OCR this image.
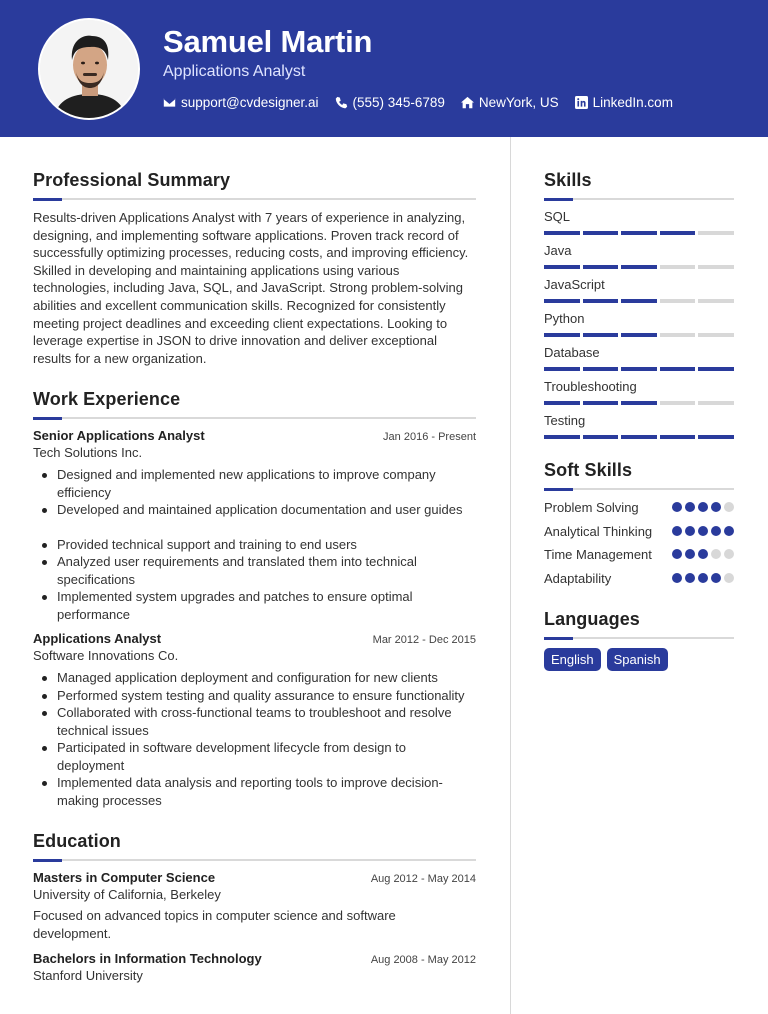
Samuel Martin
Applications Analyst
support@cvdesigner.ai	(555) 345-6789	NewYork, US	LinkedIn.com
Professional Summary
Results-driven Applications Analyst with 7 years of experience in analyzing, designing, and implementing software applications. Proven track record of successfully optimizing processes, reducing costs, and improving efficiency. Skilled in developing and maintaining applications using various technologies, including Java, SQL, and JavaScript. Strong problem-solving abilities and excellent communication skills. Recognized for consistently meeting project deadlines and exceeding client expectations. Looking to leverage expertise in JSON to drive innovation and deliver exceptional results for a new organization.
Work Experience
Senior Applications Analyst	Jan 2016 - Present
Tech Solutions Inc.
Designed and implemented new applications to improve company efficiency
Developed and maintained application documentation and user guides
Provided technical support and training to end users
Analyzed user requirements and translated them into technical specifications
Implemented system upgrades and patches to ensure optimal performance
Applications Analyst	Mar 2012 - Dec 2015
Software Innovations Co.
Managed application deployment and configuration for new clients
Performed system testing and quality assurance to ensure functionality
Collaborated with cross-functional teams to troubleshoot and resolve technical issues
Participated in software development lifecycle from design to deployment
Implemented data analysis and reporting tools to improve decision-making processes
Education
Masters in Computer Science	Aug 2012 - May 2014
University of California, Berkeley
Focused on advanced topics in computer science and software development.
Bachelors in Information Technology	Aug 2008 - May 2012
Stanford University
Skills
SQL
Java
JavaScript
Python
Database
Troubleshooting
Testing
Soft Skills
Problem Solving
Analytical Thinking
Time Management
Adaptability
Languages
English	Spanish
